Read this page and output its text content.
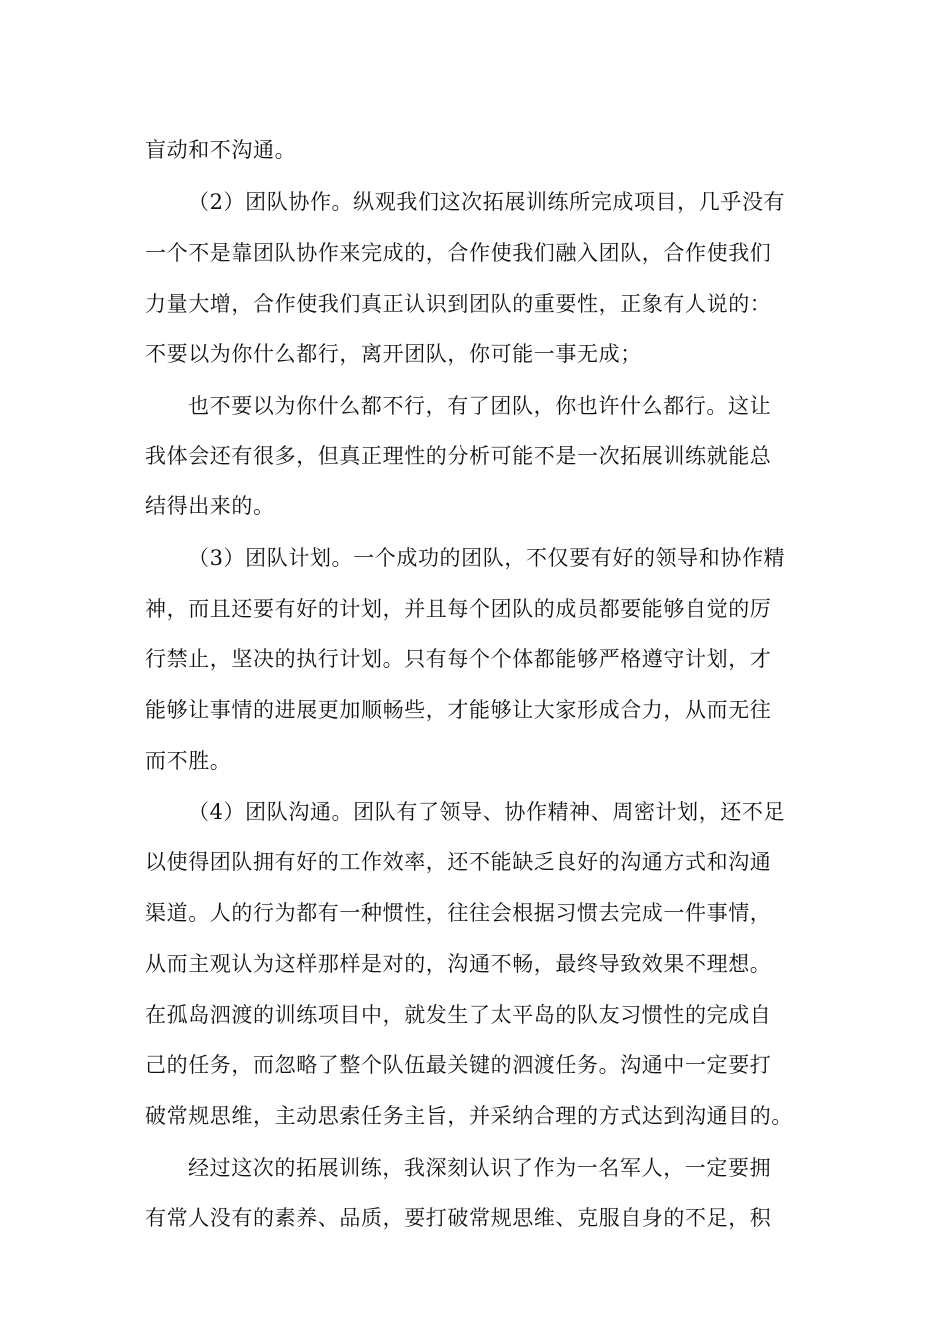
盲动和不沟通。
（2）团队协作。纵观我们这次拓展训练所完成项目，几乎没有
一个不是靠团队协作来完成的，合作使我们融入团队，合作使我们
力量大增，合作使我们真正认识到团队的重要性，正象有人说的：
不要以为你什么都行，离开团队，你可能一事无成；
也不要以为你什么都不行，有了团队，你也许什么都行。这让
我体会还有很多，但真正理性的分析可能不是一次拓展训练就能总
结得出来的。
（3）团队计划。一个成功的团队，不仅要有好的领导和协作精
神，而且还要有好的计划，并且每个团队的成员都要能够自觉的厉
行禁止，坚决的执行计划。只有每个个体都能够严格遵守计划，才
能够让事情的进展更加顺畅些，才能够让大家形成合力，从而无往
而不胜。
（4）团队沟通。团队有了领导、协作精神、周密计划，还不足
以使得团队拥有好的工作效率，还不能缺乏良好的沟通方式和沟通
渠道。人的行为都有一种惯性，往往会根据习惯去完成一件事情，
从而主观认为这样那样是对的，沟通不畅，最终导致效果不理想。
在孤岛泗渡的训练项目中，就发生了太平岛的队友习惯性的完成自
己的任务，而忽略了整个队伍最关键的泗渡任务。沟通中一定要打
破常规思维，主动思索任务主旨，并采纳合理的方式达到沟通目的。
经过这次的拓展训练，我深刻认识了作为一名军人，一定要拥
有常人没有的素养、品质，要打破常规思维、克服自身的不足，积
